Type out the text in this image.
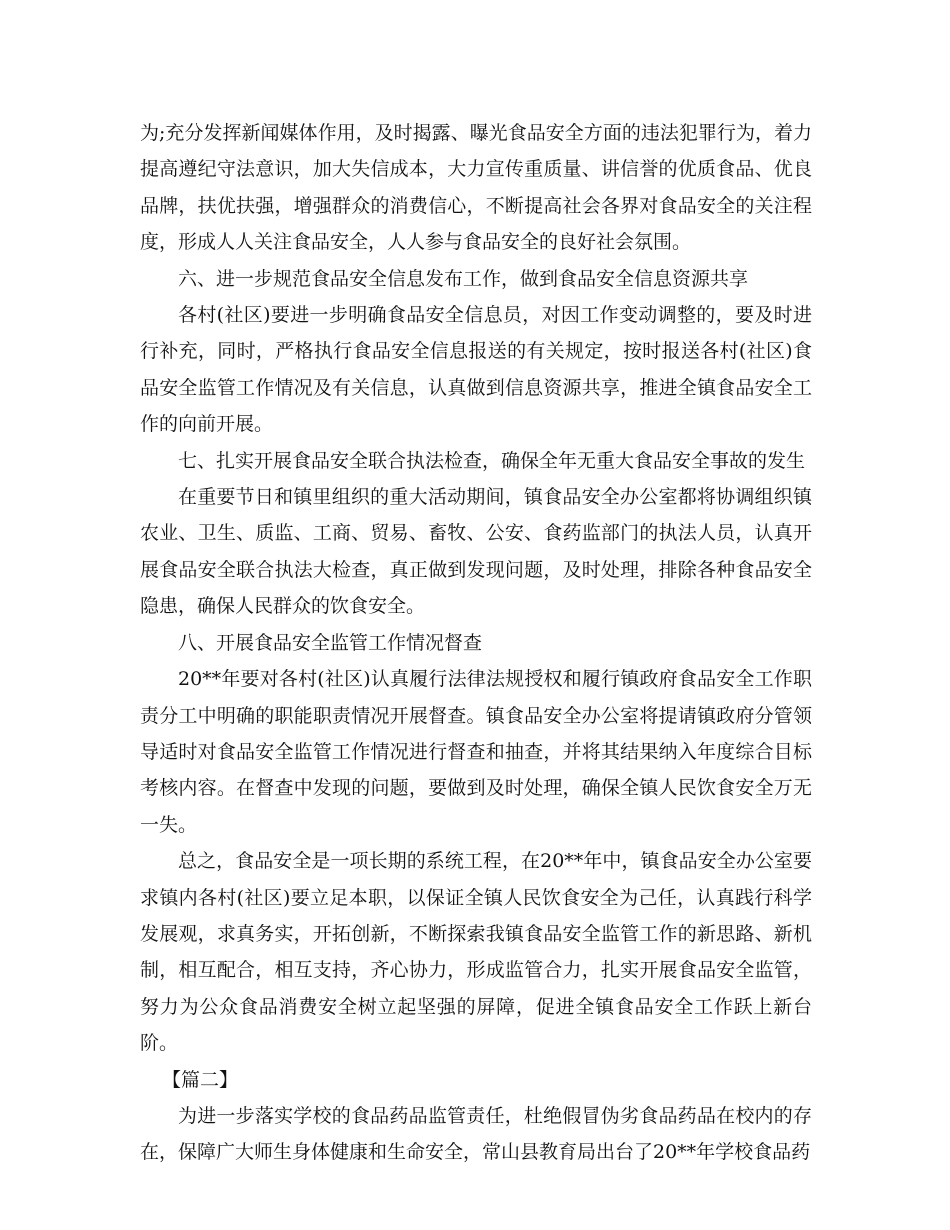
为;充分发挥新闻媒体作用，及时揭露、曝光食品安全方面的违法犯罪行为，着力提高遵纪守法意识，加大失信成本，大力宣传重质量、讲信誉的优质食品、优良品牌，扶优扶强，增强群众的消费信心，不断提高社会各界对食品安全的关注程度，形成人人关注食品安全，人人参与食品安全的良好社会氛围。

六、进一步规范食品安全信息发布工作，做到食品安全信息资源共享

各村(社区)要进一步明确食品安全信息员，对因工作变动调整的，要及时进行补充，同时，严格执行食品安全信息报送的有关规定，按时报送各村(社区)食品安全监管工作情况及有关信息，认真做到信息资源共享，推进全镇食品安全工作的向前开展。

七、扎实开展食品安全联合执法检查，确保全年无重大食品安全事故的发生

在重要节日和镇里组织的重大活动期间，镇食品安全办公室都将协调组织镇农业、卫生、质监、工商、贸易、畜牧、公安、食药监部门的执法人员，认真开展食品安全联合执法大检查，真正做到发现问题，及时处理，排除各种食品安全隐患，确保人民群众的饮食安全。

八、开展食品安全监管工作情况督查

20**年要对各村(社区)认真履行法律法规授权和履行镇政府食品安全工作职责分工中明确的职能职责情况开展督查。镇食品安全办公室将提请镇政府分管领导适时对食品安全监管工作情况进行督查和抽查，并将其结果纳入年度综合目标考核内容。在督查中发现的问题，要做到及时处理，确保全镇人民饮食安全万无一失。

总之，食品安全是一项长期的系统工程，在20**年中，镇食品安全办公室要求镇内各村(社区)要立足本职，以保证全镇人民饮食安全为己任，认真践行科学发展观，求真务实，开拓创新，不断探索我镇食品安全监管工作的新思路、新机制，相互配合，相互支持，齐心协力，形成监管合力，扎实开展食品安全监管，努力为公众食品消费安全树立起坚强的屏障，促进全镇食品安全工作跃上新台阶。

【篇二】

为进一步落实学校的食品药品监管责任，杜绝假冒伪劣食品药品在校内的存在，保障广大师生身体健康和生命安全，常山县教育局出台了20**年学校食品药
